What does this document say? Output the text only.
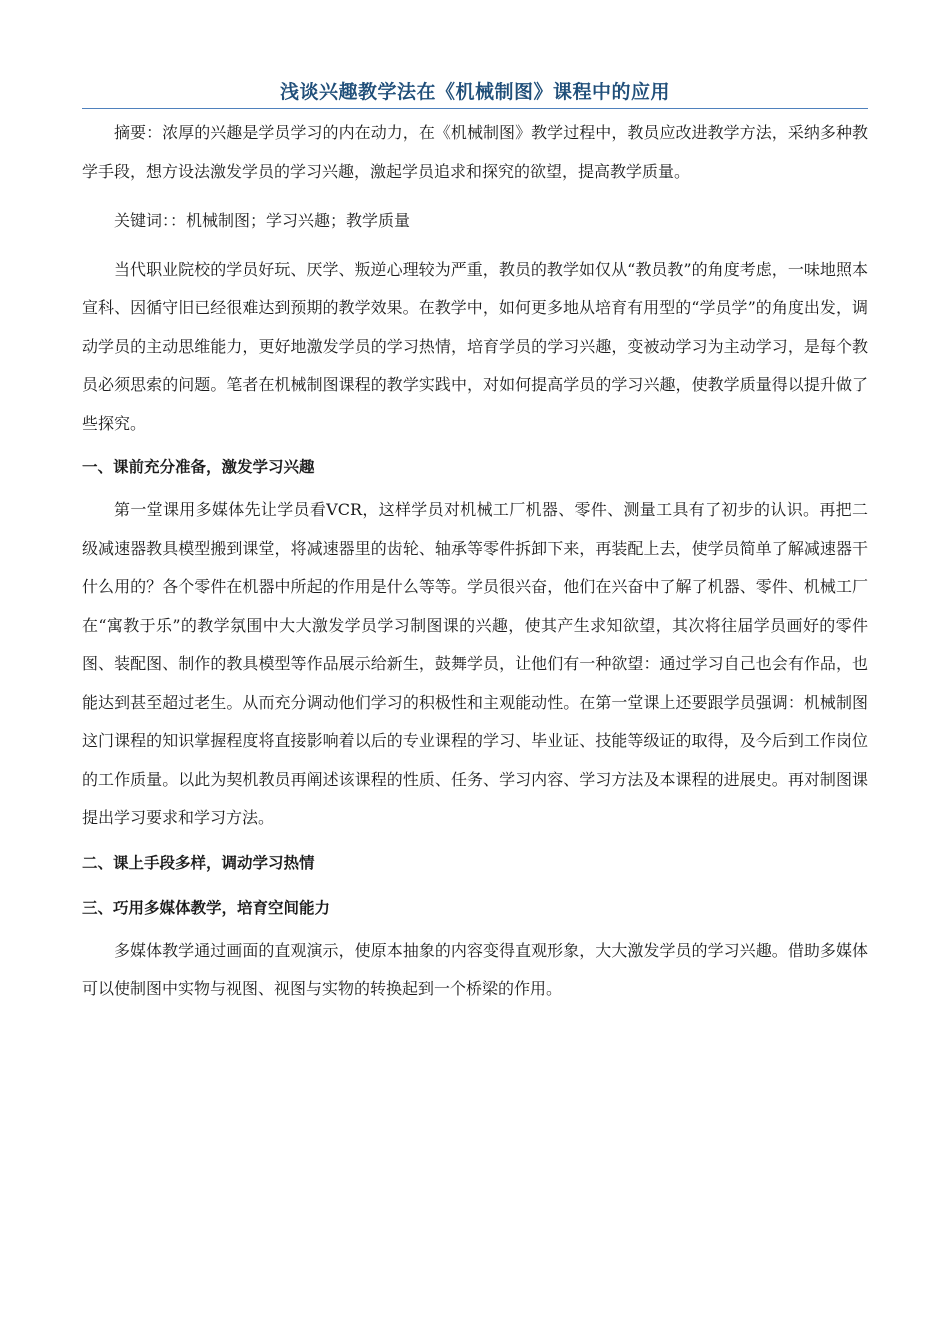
浅谈兴趣教学法在《机械制图》课程中的应用

摘要：浓厚的兴趣是学员学习的内在动力，在《机械制图》教学过程中，教员应改进教学方法，采纳多种教学手段，想方设法激发学员的学习兴趣，激起学员追求和探究的欲望，提高教学质量。

关键词：：机械制图；学习兴趣；教学质量

当代职业院校的学员好玩、厌学、叛逆心理较为严重，教员的教学如仅从“教员教”的角度考虑，一味地照本宣科、因循守旧已经很难达到预期的教学效果。在教学中，如何更多地从培育有用型的“学员学”的角度出发，调动学员的主动思维能力，更好地激发学员的学习热情，培育学员的学习兴趣，变被动学习为主动学习，是每个教员必须思索的问题。笔者在机械制图课程的教学实践中，对如何提高学员的学习兴趣，使教学质量得以提升做了些探究。

一、课前充分准备，激发学习兴趣

第一堂课用多媒体先让学员看VCR，这样学员对机械工厂机器、零件、测量工具有了初步的认识。再把二级减速器教具模型搬到课堂，将减速器里的齿轮、轴承等零件拆卸下来，再装配上去，使学员简单了解减速器干什么用的？各个零件在机器中所起的作用是什么等等。学员很兴奋，他们在兴奋中了解了机器、零件、机械工厂在“寓教于乐”的教学氛围中大大激发学员学习制图课的兴趣，使其产生求知欲望，其次将往届学员画好的零件图、装配图、制作的教具模型等作品展示给新生，鼓舞学员，让他们有一种欲望：通过学习自己也会有作品，也能达到甚至超过老生。从而充分调动他们学习的积极性和主观能动性。在第一堂课上还要跟学员强调：机械制图这门课程的知识掌握程度将直接影响着以后的专业课程的学习、毕业证、技能等级证的取得，及今后到工作岗位的工作质量。以此为契机教员再阐述该课程的性质、任务、学习内容、学习方法及本课程的进展史。再对制图课提出学习要求和学习方法。

二、课上手段多样，调动学习热情
三、巧用多媒体教学，培育空间能力

多媒体教学通过画面的直观演示，使原本抽象的内容变得直观形象，大大激发学员的学习兴趣。借助多媒体可以使制图中实物与视图、视图与实物的转换起到一个桥梁的作用。
